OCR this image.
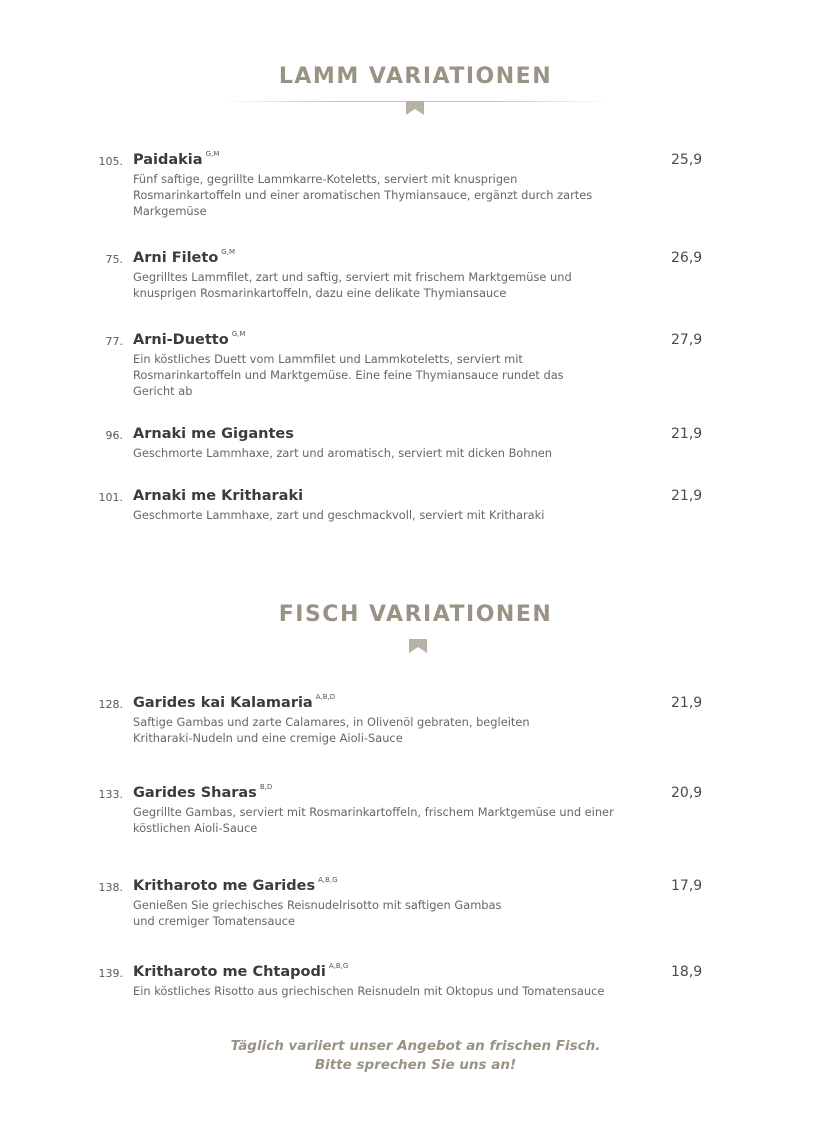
LAMM VARIATIONEN
105. Paidakia $^{G,M}$	25,9
Fünf saftige, gegrillte Lammkarre-Koteletts, serviert mit knusprigen Rosmarinkartoffeln und einer aromatischen Thymiansauce, ergänzt durch zartes Markgemüse
75. Arni Fileto $^{G,M}$	26,9
Gegrilltes Lammfilet, zart und saftig, serviert mit frischem Marktgemüse und knusprigen Rosmarinkartoffeln, dazu eine delikate Thymiansauce
77. Arni-Duetto $^{G,M}$	27,9
Ein köstliches Duett vom Lammfilet und Lammkoteletts, serviert mit Rosmarinkartoffeln und Marktgemüse. Eine feine Thymiansauce rundet das Gericht ab
96. Arnaki me Gigantes	21,9
Geschmorte Lammhaxe, zart und aromatisch, serviert mit dicken Bohnen
101. Arnaki me Kritharaki	21,9
Geschmorte Lammhaxe, zart und geschmackvoll, serviert mit Kritharaki
FISCH VARIATIONEN
128. Garides kai Kalamaria $^{A,B,D}$	21,9
Saftige Gambas und zarte Calamares, in Olivenöl gebraten, begleiten Kritharaki-Nudeln und eine cremige Aioli-Sauce
133. Garides Sharas $^{B,D}$	20,9
Gegrillte Gambas, serviert mit Rosmarinkartoffeln, frischem Marktgemüse und einer köstlichen Aioli-Sauce
138. Kritharoto me Garides $^{A,B,G}$	17,9
Genießen Sie griechisches Reisnudelrisotto mit saftigen Gambas und cremiger Tomatensauce
139. Kritharoto me Chtapodi $^{A,B,G}$	18,9
Ein köstliches Risotto aus griechischen Reisnudeln mit Oktopus und Tomatensauce
Täglich variiert unser Angebot an frischen Fisch.
Bitte sprechen Sie uns an!
